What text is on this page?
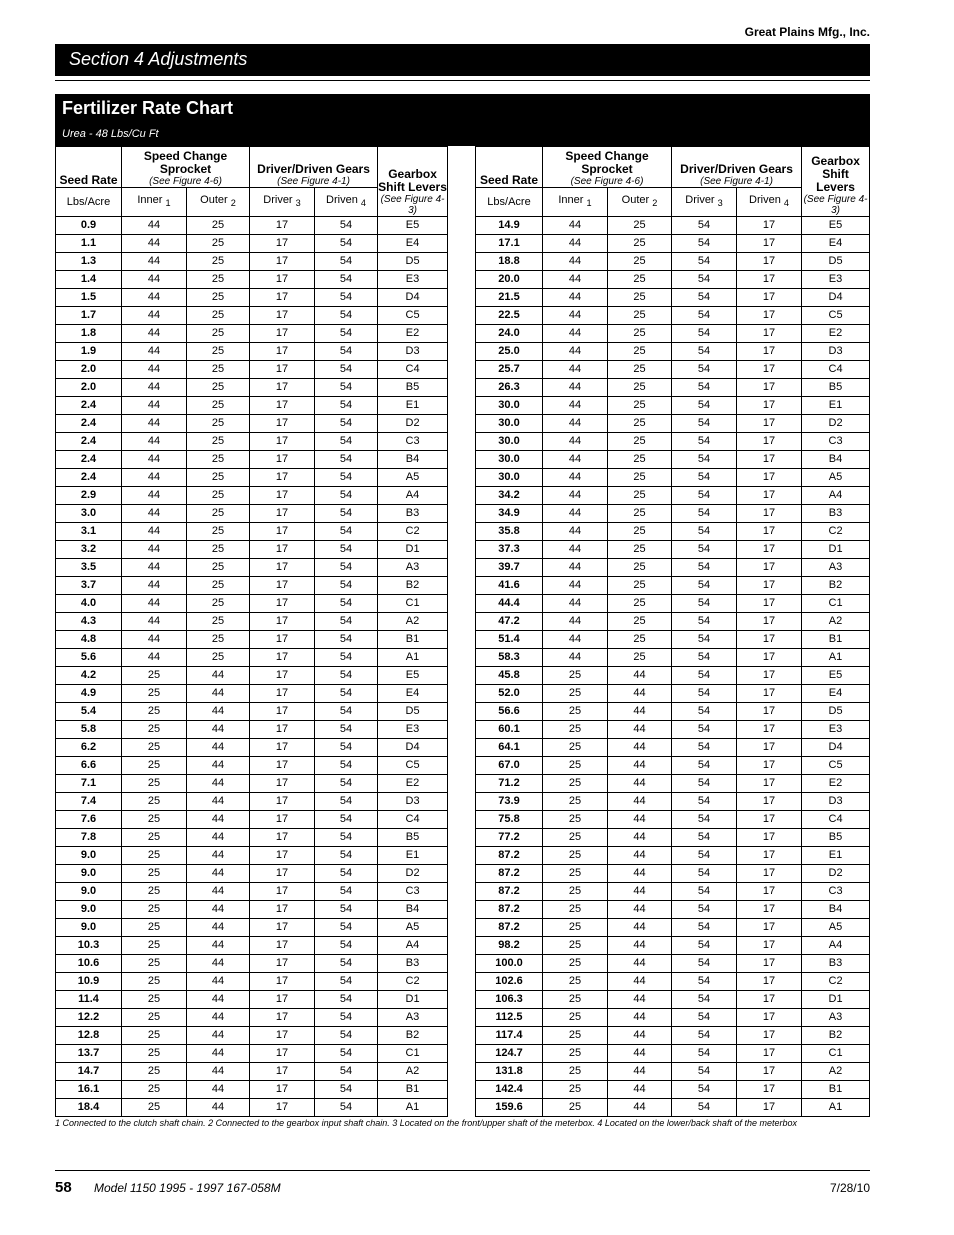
Great Plains Mfg., Inc.
Section 4 Adjustments
Fertilizer Rate Chart
Urea - 48 Lbs/Cu Ft
Seed Rate	Speed Change Sprocket
(See Figure 4-6)		Driver/Driven Gears
(See Figure 4-1)		Gearbox Shift Levers
(See Figure 4-3)

Lbs/Acre	Inner $_1$	Outer $_2$	Driver $_3$	Driven $_4$
0.9	44	25	17	54	E5
1.1	44	25	17	54	E4
1.3	44	25	17	54	D5
1.4	44	25	17	54	E3
1.5	44	25	17	54	D4
1.7	44	25	17	54	C5
1.8	44	25	17	54	E2
1.9	44	25	17	54	D3
2.0	44	25	17	54	C4
2.0	44	25	17	54	B5
2.4	44	25	17	54	E1
2.4	44	25	17	54	D2
2.4	44	25	17	54	C3
2.4	44	25	17	54	B4
2.4	44	25	17	54	A5
2.9	44	25	17	54	A4
3.0	44	25	17	54	B3
3.1	44	25	17	54	C2
3.2	44	25	17	54	D1
3.5	44	25	17	54	A3
3.7	44	25	17	54	B2
4.0	44	25	17	54	C1
4.3	44	25	17	54	A2
4.8	44	25	17	54	B1
5.6	44	25	17	54	A1
4.2	25	44	17	54	E5
4.9	25	44	17	54	E4
5.4	25	44	17	54	D5
5.8	25	44	17	54	E3
6.2	25	44	17	54	D4
6.6	25	44	17	54	C5
7.1	25	44	17	54	E2
7.4	25	44	17	54	D3
7.6	25	44	17	54	C4
7.8	25	44	17	54	B5
9.0	25	44	17	54	E1
9.0	25	44	17	54	D2
9.0	25	44	17	54	C3
9.0	25	44	17	54	B4
9.0	25	44	17	54	A5
10.3	25	44	17	54	A4
10.6	25	44	17	54	B3
10.9	25	44	17	54	C2
11.4	25	44	17	54	D1
12.2	25	44	17	54	A3
12.8	25	44	17	54	B2
13.7	25	44	17	54	C1
14.7	25	44	17	54	A2
16.1	25	44	17	54	B1
18.4	25	44	17	54	A1
Seed Rate	Speed Change Sprocket
(See Figure 4-6)		Driver/Driven Gears
(See Figure 4-1)		Gearbox Shift Levers
(See Figure 4-3)

Lbs/Acre	Inner $_1$	Outer $_2$	Driver $_3$	Driven $_4$
14.9	44	25	54	17	E5
17.1	44	25	54	17	E4
18.8	44	25	54	17	D5
20.0	44	25	54	17	E3
21.5	44	25	54	17	D4
22.5	44	25	54	17	C5
24.0	44	25	54	17	E2
25.0	44	25	54	17	D3
25.7	44	25	54	17	C4
26.3	44	25	54	17	B5
30.0	44	25	54	17	E1
30.0	44	25	54	17	D2
30.0	44	25	54	17	C3
30.0	44	25	54	17	B4
30.0	44	25	54	17	A5
34.2	44	25	54	17	A4
34.9	44	25	54	17	B3
35.8	44	25	54	17	C2
37.3	44	25	54	17	D1
39.7	44	25	54	17	A3
41.6	44	25	54	17	B2
44.4	44	25	54	17	C1
47.2	44	25	54	17	A2
51.4	44	25	54	17	B1
58.3	44	25	54	17	A1
45.8	25	44	54	17	E5
52.0	25	44	54	17	E4
56.6	25	44	54	17	D5
60.1	25	44	54	17	E3
64.1	25	44	54	17	D4
67.0	25	44	54	17	C5
71.2	25	44	54	17	E2
73.9	25	44	54	17	D3
75.8	25	44	54	17	C4
77.2	25	44	54	17	B5
87.2	25	44	54	17	E1
87.2	25	44	54	17	D2
87.2	25	44	54	17	C3
87.2	25	44	54	17	B4
87.2	25	44	54	17	A5
98.2	25	44	54	17	A4
100.0	25	44	54	17	B3
102.6	25	44	54	17	C2
106.3	25	44	54	17	D1
112.5	25	44	54	17	A3
117.4	25	44	54	17	B2
124.7	25	44	54	17	C1
131.8	25	44	54	17	A2
142.4	25	44	54	17	B1
159.6	25	44	54	17	A1
1 Connected to the clutch shaft chain. 2 Connected to the gearbox input shaft chain. 3 Located on the front/upper shaft of the meterbox. 4 Located on the lower/back shaft of the meterbox
58 Model 1150 1995 - 1997 167-058M	7/28/10
